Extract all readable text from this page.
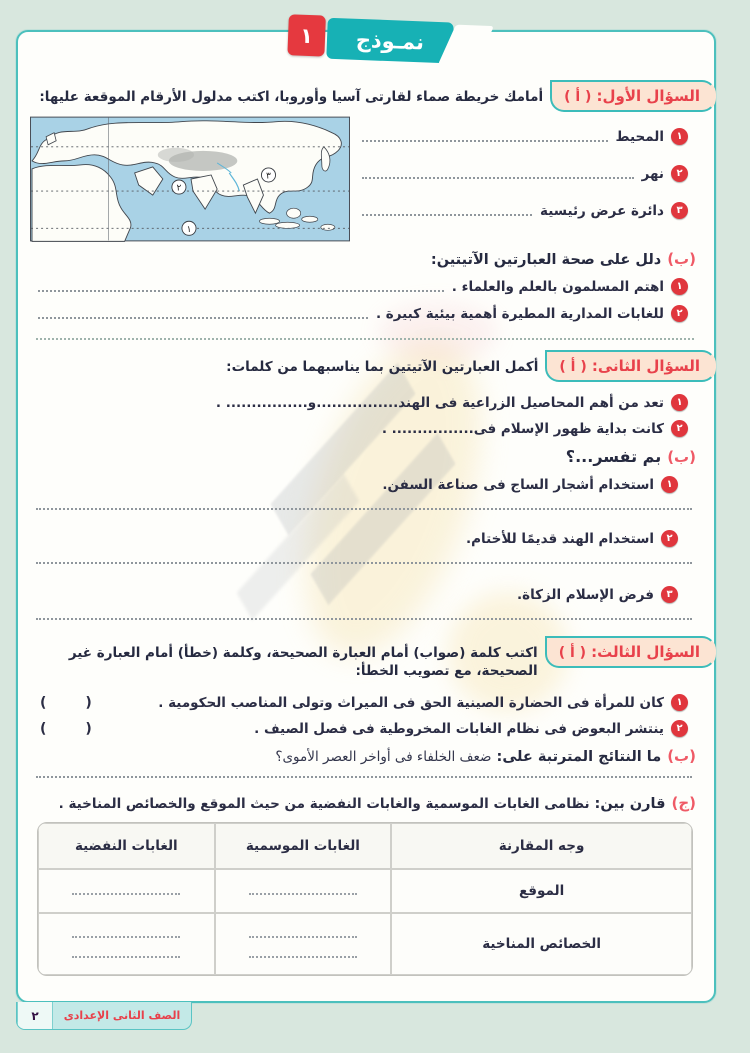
١ نمـوذج
السؤال الأول: ( أ )
أمامك خريطة صماء لقارتى آسيا وأوروبا، اكتب مدلول الأرقام الموقعة عليها:
١
المحيط
٢
نهر
٣
دائرة عرض رئيسية
٢
٣
١
(ب)
دلل على صحة العبارتين الآتيتين:
١
اهتم المسلمون بالعلم والعلماء .
٢
للغابات المدارية المطيرة أهمية بيئية كبيرة .
السؤال الثانى: ( أ )
أكمل العبارتين الآتيتين بما يناسبهما من كلمات:
١
تعد من أهم المحاصيل الزراعية فى الهند................و................ .
٢
كانت بداية ظهور الإسلام فى................ .
(ب)
بم تفسر...؟
١
استخدام أشجار الساج فى صناعة السفن.
٢
استخدام الهند قديمًا للأختام.
٣
فرض الإسلام الزكاة.
السؤال الثالث: ( أ )
اكتب كلمة (صواب) أمام العبارة الصحيحة، وكلمة (خطأ) أمام العبارة غير الصحيحة، مع تصويب الخطأ:
١
كان للمرأة فى الحضارة الصينية الحق فى الميراث وتولى المناصب الحكومية .
(        )
٢
ينتشر البعوض فى نظام الغابات المخروطية فى فصل الصيف .
(        )
(ب)
ما النتائج المترتبة على:
ضعف الخلفاء فى أواخر العصر الأموى؟
(ج)
قارن بين:
نظامى الغابات الموسمية والغابات النفضية من حيث الموقع والخصائص المناخية .
وجه المقارنة	الغابات الموسمية	الغابات النفضية
الموقع		
الخصائص المناخية	

الصف الثانى الإعدادى
٢
